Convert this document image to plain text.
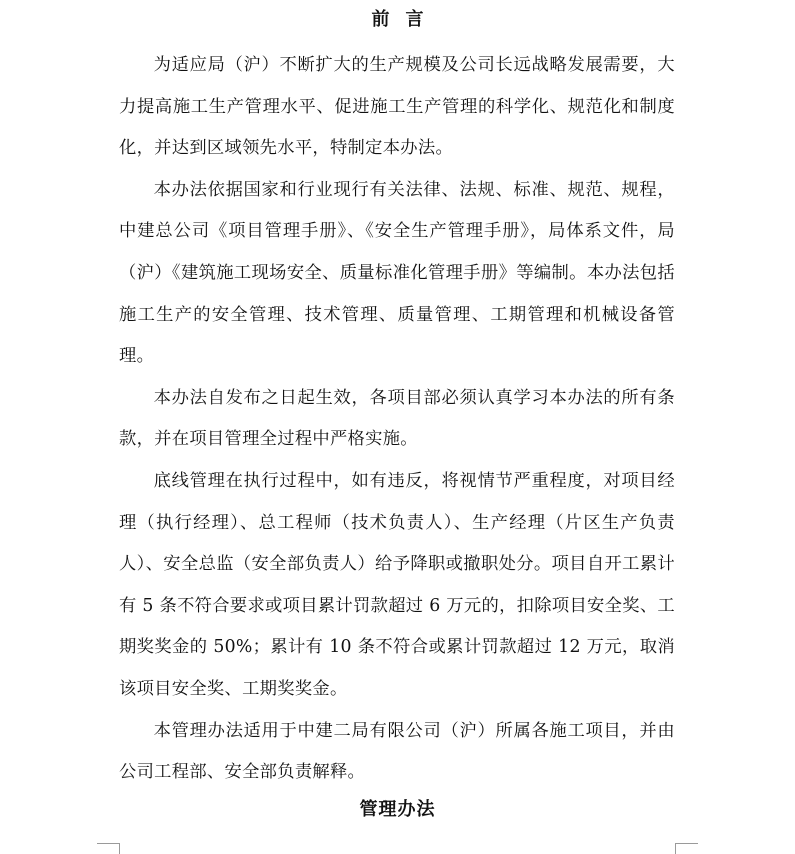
前言

为适应局（沪）不断扩大的生产规模及公司长远战略发展需要，大力提高施工生产管理水平、促进施工生产管理的科学化、规范化和制度化，并达到区域领先水平，特制定本办法。

本办法依据国家和行业现行有关法律、法规、标准、规范、规程，中建总公司《项目管理手册》、《安全生产管理手册》，局体系文件，局（沪）《建筑施工现场安全、质量标准化管理手册》等编制。本办法包括施工生产的安全管理、技术管理、质量管理、工期管理和机械设备管理。

本办法自发布之日起生效，各项目部必须认真学习本办法的所有条款，并在项目管理全过程中严格实施。

底线管理在执行过程中，如有违反，将视情节严重程度，对项目经理（执行经理）、总工程师（技术负责人）、生产经理（片区生产负责人）、安全总监（安全部负责人）给予降职或撤职处分。项目自开工累计有 5 条不符合要求或项目累计罚款超过 6 万元的，扣除项目安全奖、工期奖奖金的 50%；累计有 10 条不符合或累计罚款超过 12 万元，取消该项目安全奖、工期奖奖金。

本管理办法适用于中建二局有限公司（沪）所属各施工项目，并由公司工程部、安全部负责解释。

管理办法
